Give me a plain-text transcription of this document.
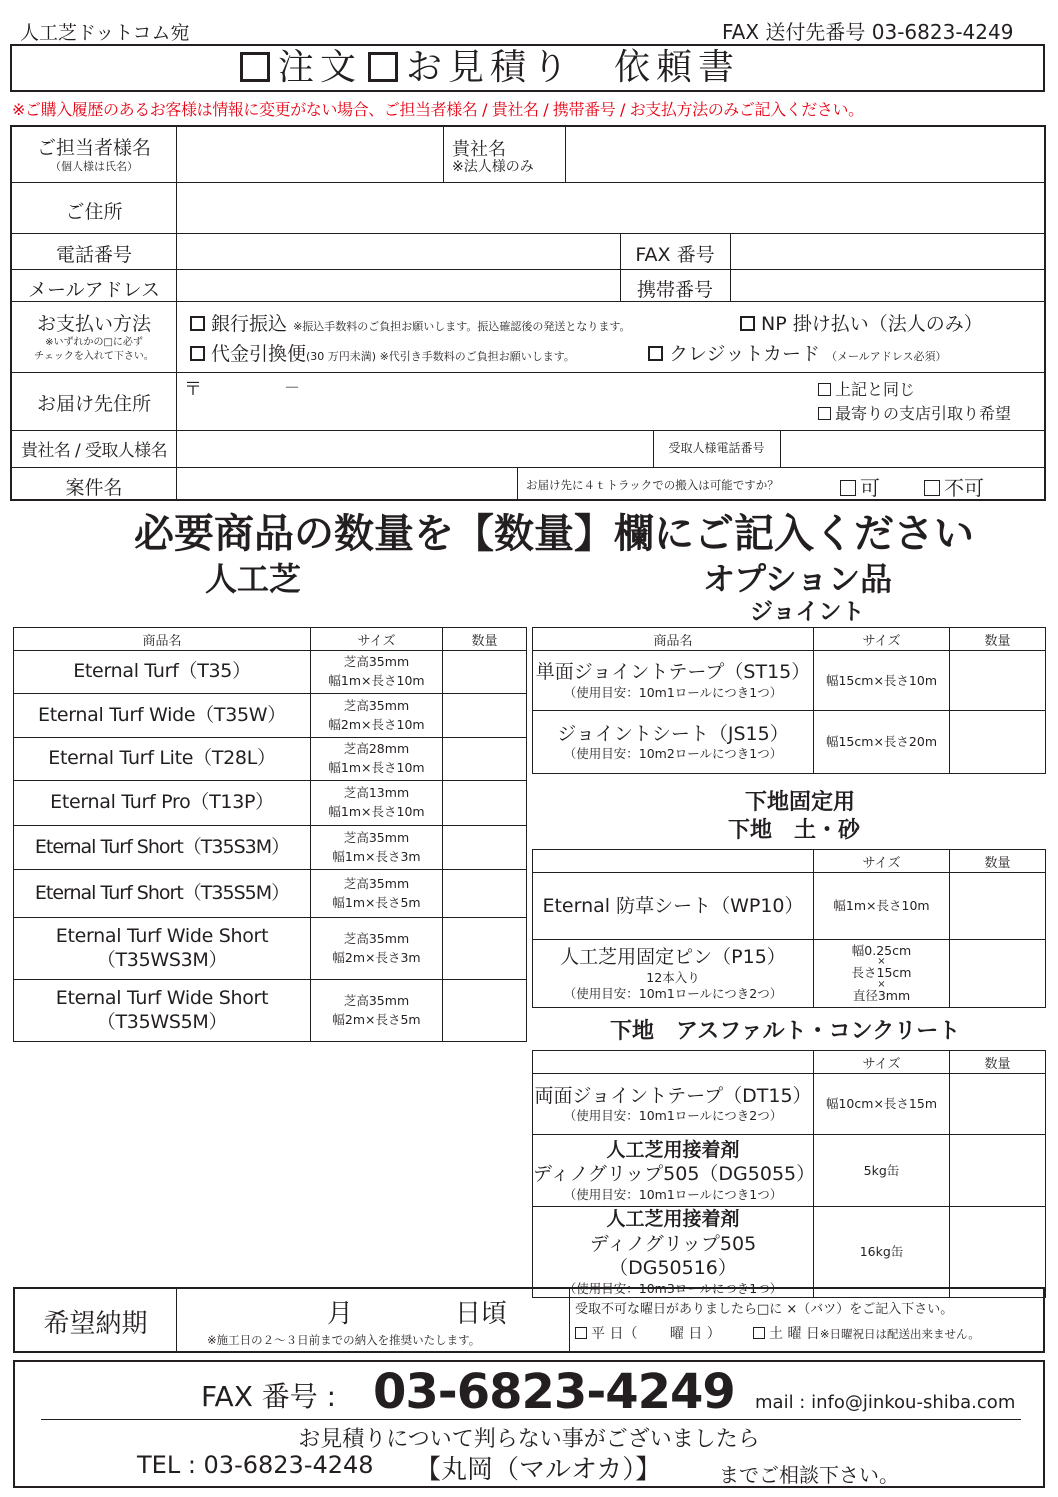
人工芝ドットコム宛	FAX 送付先番号 03-6823-4249
注文 お見積り 依頼書
※ご購入履歴のあるお客様は情報に変更がない場合、ご担当者様名 / 貴社名 / 携帯番号 / お支払方法のみご記入ください。
ご担当者様名
（個人様は氏名）
貴社名
※法人様のみ
ご住所
電話番号	FAX 番号
メールアドレス	携帯番号
お支払い方法
※いずれかの□に必ず
チェックを入れて下さい。
銀行振込 ※振込手数料のご負担お願いします。振込確認後の発送となります。	NP 掛け払い（法人のみ）
代金引換便(30 万円未満) ※代引き手数料のご負担お願いします。	クレジットカード （メールアドレス必須）
お届け先住所
〒	－	上記と同じ
最寄りの支店引取り希望
貴社名 / 受取人様名	受取人様電話番号
案件名	お届け先に４ｔトラックでの搬入は可能ですか？	可	不可
必要商品の数量を【数量】欄にご記入ください
人工芝	オプション品
ジョイント
商品名	サイズ	数量
Eternal Turf（T35）	芝高35mm
幅1m×長さ10m	

Eternal Turf Wide（T35W）	芝高35mm
幅2m×長さ10m	

Eternal Turf Lite（T28L）	芝高28mm
幅1m×長さ10m	

Eternal Turf Pro（T13P）	芝高13mm
幅1m×長さ10m	

Eternal Turf Short（T35S3M）	芝高35mm
幅1m×長さ3m	

Eternal Turf Short（T35S5M）	芝高35mm
幅1m×長さ5m	

Eternal Turf Wide Short
（T35WS3M）	芝高35mm
幅2m×長さ3m	

Eternal Turf Wide Short
（T35WS5M）	芝高35mm
幅2m×長さ5m	

商品名	サイズ	数量

単面ジョイントテープ（ST15）
（使用目安：10m1ロールにつき1つ）	幅15cm×長さ10m	

ジョイントシート（JS15）
（使用目安：10m2ロールにつき1つ）	幅15cm×長さ20m	
下地固定用
下地　土・砂
	サイズ	数量
Eternal 防草シート（WP10）	幅1m×長さ10m	

人工芝用固定ピン（P15）
12本入り
（使用目安：10m1ロールにつき2つ）	幅0.25cm
×
長さ15cm
×
直径3mm	

下地　アスファルト・コンクリート
	サイズ	数量

両面ジョイントテープ（DT15）
（使用目安：10m1ロールにつき2つ）	幅10cm×長さ15m	

人工芝用接着剤
ディノグリップ505（DG5055）
（使用目安：10m1ロールにつき1つ）	5kg缶	

人工芝用接着剤
ディノグリップ505（DG50516）
（使用目安：10m3ロールにつき1つ）	16kg缶	
希望納期	月	日頃
※施工日の２～３日前までの納入を推奨いたします。
受取不可な曜日がありましたら□に ×（バツ）をご記入下さい。
平 日（　　 曜 日 ）	土 曜 日※日曜祝日は配送出来ません。
FAX 番号 : 03-6823-4249 mail : info@jinkou-shiba.com
お見積りについて判らない事がございましたら
TEL : 03-6823-4248 【丸岡（マルオカ）】	までご相談下さい。
